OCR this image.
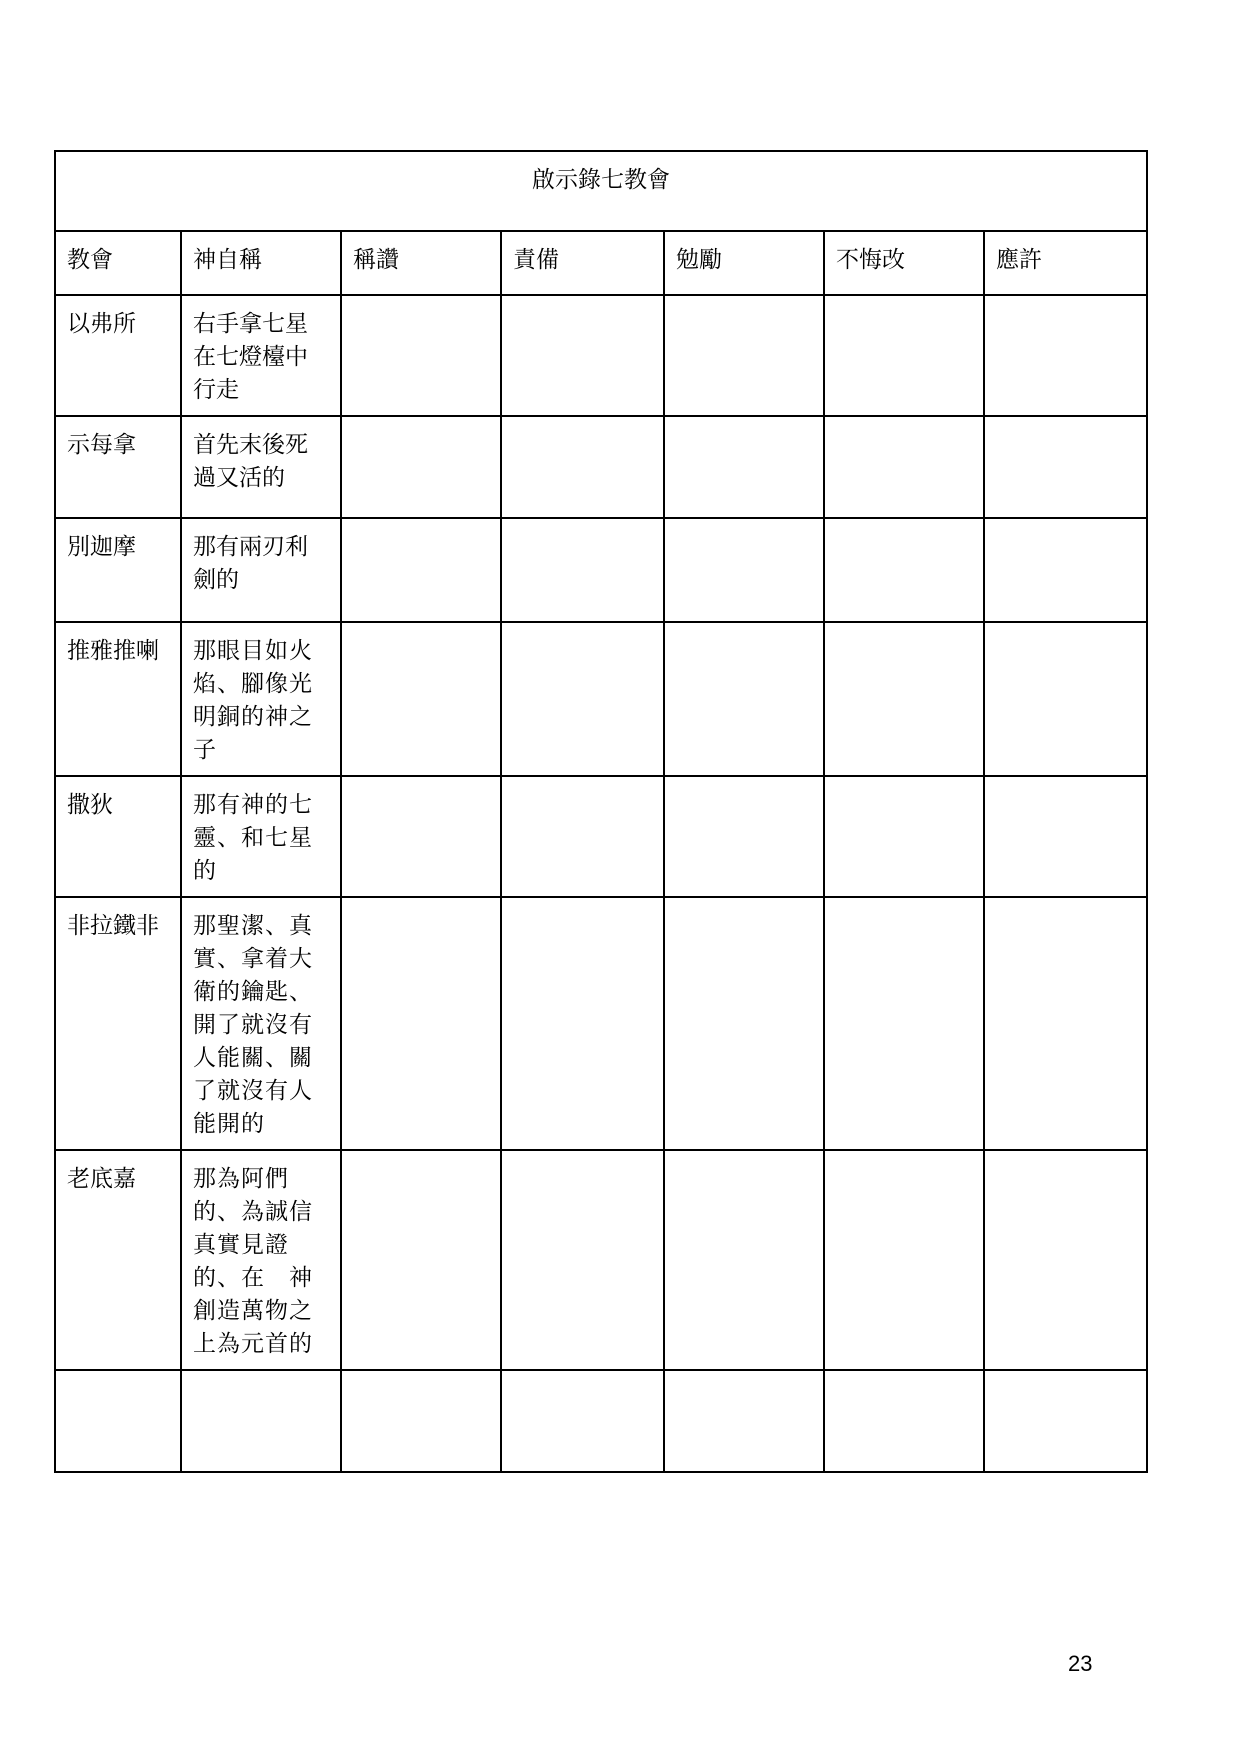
啟示錄七教會						
教會	神自稱	稱讚	責備	勉勵	不悔改	應許
以弗所	右手拿七星在七燈檯中行走					
示每拿	首先末後死過又活的					
別迦摩	那有兩刃利劍的					
推雅推喇	那眼目如火焰、腳像光明銅的神之子					
撒狄	那有神的七靈、和七星的					
非拉鐵非	那聖潔、真實、拿着大衛的鑰匙、開了就沒有人能關、關了就沒有人能開的					
老底嘉	那為阿們的、為誠信真實見證的、在　神創造萬物之上為元首的					

23
